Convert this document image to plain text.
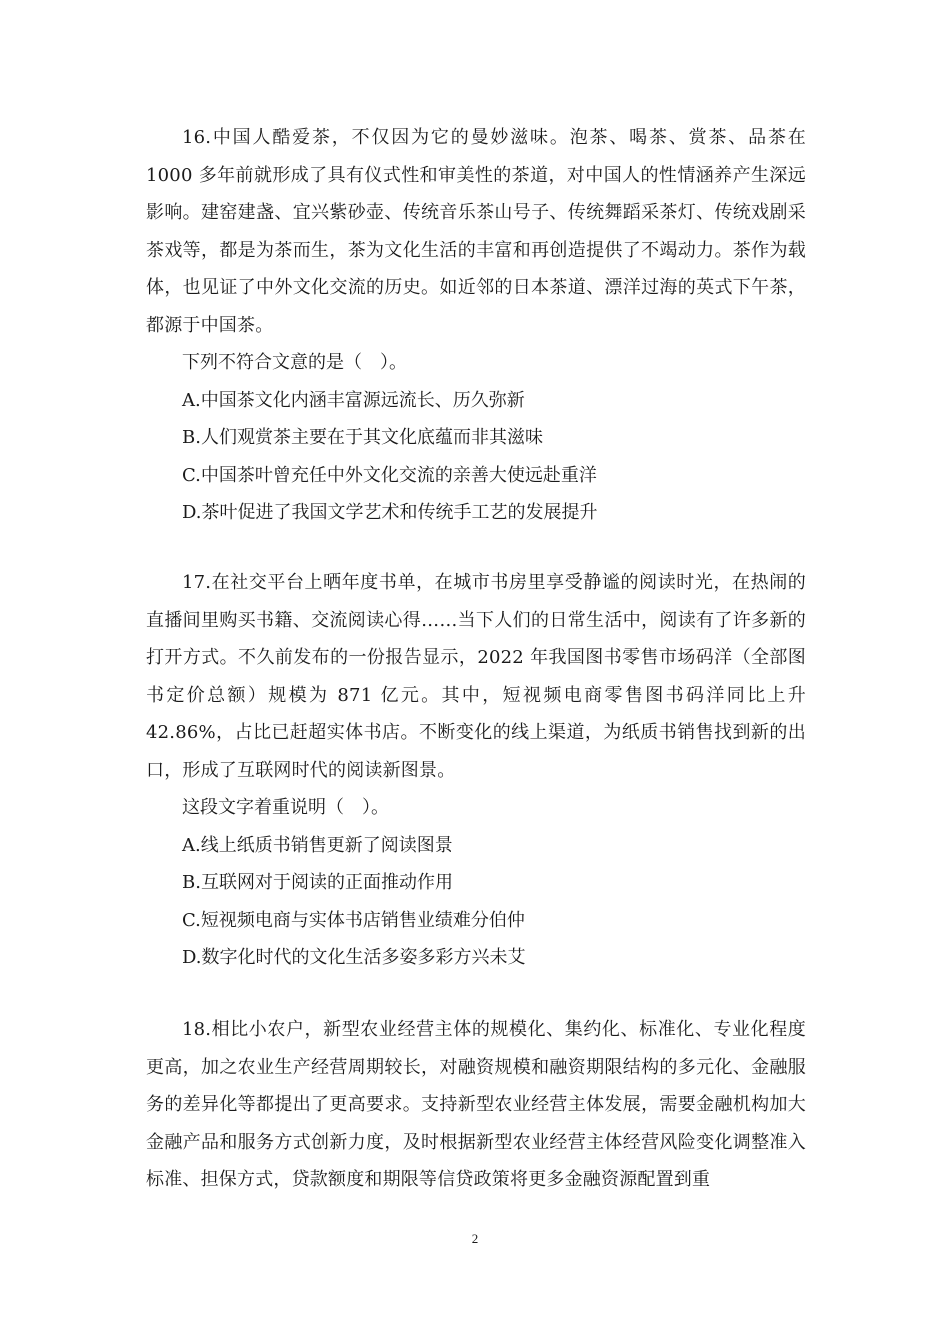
16.中国人酷爱茶，不仅因为它的曼妙滋味。泡茶、喝茶、赏茶、品茶在 1000 多年前就形成了具有仪式性和审美性的茶道，对中国人的性情涵养产生深远影响。建窑建盏、宜兴紫砂壶、传统音乐茶山号子、传统舞蹈采茶灯、传统戏剧采茶戏等，都是为茶而生，茶为文化生活的丰富和再创造提供了不竭动力。茶作为载体，也见证了中外文化交流的历史。如近邻的日本茶道、漂洋过海的英式下午茶，都源于中国茶。

下列不符合文意的是（　）。

A.中国茶文化内涵丰富源远流长、历久弥新

B.人们观赏茶主要在于其文化底蕴而非其滋味

C.中国茶叶曾充任中外文化交流的亲善大使远赴重洋

D.茶叶促进了我国文学艺术和传统手工艺的发展提升

17.在社交平台上晒年度书单，在城市书房里享受静谧的阅读时光，在热闹的直播间里购买书籍、交流阅读心得……当下人们的日常生活中，阅读有了许多新的打开方式。不久前发布的一份报告显示，2022 年我国图书零售市场码洋（全部图书定价总额）规模为 871 亿元。其中，短视频电商零售图书码洋同比上升 42.86%，占比已赶超实体书店。不断变化的线上渠道，为纸质书销售找到新的出口，形成了互联网时代的阅读新图景。

这段文字着重说明（　）。

A.线上纸质书销售更新了阅读图景

B.互联网对于阅读的正面推动作用

C.短视频电商与实体书店销售业绩难分伯仲

D.数字化时代的文化生活多姿多彩方兴未艾

18.相比小农户，新型农业经营主体的规模化、集约化、标准化、专业化程度更高，加之农业生产经营周期较长，对融资规模和融资期限结构的多元化、金融服务的差异化等都提出了更高要求。支持新型农业经营主体发展，需要金融机构加大金融产品和服务方式创新力度，及时根据新型农业经营主体经营风险变化调整准入标准、担保方式，贷款额度和期限等信贷政策将更多金融资源配置到重

2
